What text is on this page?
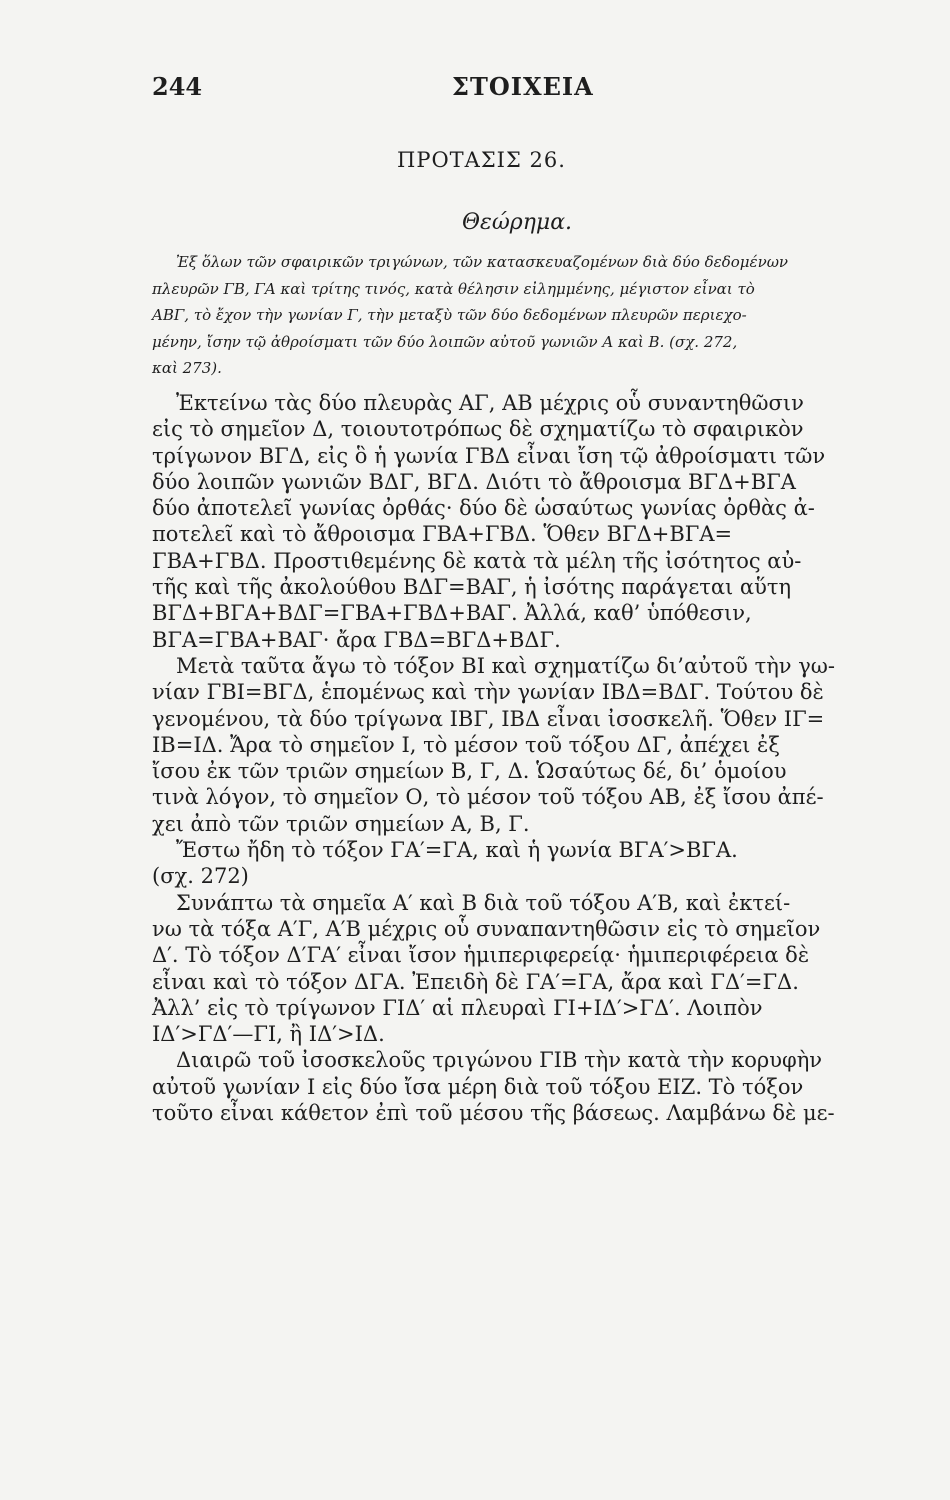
244	ΣΤΟΙΧΕΙΑ
ΠΡΟΤΑΣΙΣ 26.
Θεώρημα.
Ἐξ ὅλων τῶν σφαιρικῶν τριγώνων, τῶν κατασκευαζομένων διὰ δύο δεδομένων
πλευρῶν ΓΒ, ΓΑ καὶ τρίτης τινός, κατὰ θέλησιν εἰλημμένης, μέγιστον εἶναι τὸ
ΑΒΓ, τὸ ἔχον τὴν γωνίαν Γ, τὴν μεταξὺ τῶν δύο δεδομένων πλευρῶν περιεχο-
μένην, ἴσην τῷ ἀθροίσματι τῶν δύο λοιπῶν αὐτοῦ γωνιῶν Α καὶ Β. (σχ. 272,
καὶ 273).
Ἐκτείνω τὰς δύο πλευρὰς ΑΓ, ΑΒ μέχρις οὗ συναντηθῶσιν
εἰς τὸ σημεῖον Δ, τοιουτοτρόπως δὲ σχηματίζω τὸ σφαιρικὸν
τρίγωνον ΒΓΔ, εἰς ὃ ἡ γωνία ΓΒΔ εἶναι ἴση τῷ ἀθροίσματι τῶν
δύο λοιπῶν γωνιῶν ΒΔΓ, ΒΓΔ. Διότι τὸ ἄθροισμα ΒΓΔ+ΒΓΑ
δύο ἀποτελεῖ γωνίας ὀρθάς· δύο δὲ ὡσαύτως γωνίας ὀρθὰς ἀ-
ποτελεῖ καὶ τὸ ἄθροισμα ΓΒΑ+ΓΒΔ. Ὅθεν ΒΓΔ+ΒΓΑ=
ΓΒΑ+ΓΒΔ. Προστιθεμένης δὲ κατὰ τὰ μέλη τῆς ἰσότητος αὐ-
τῆς καὶ τῆς ἀκολούθου ΒΔΓ=ΒΑΓ, ἡ ἰσότης παράγεται αὕτη
ΒΓΔ+ΒΓΑ+ΒΔΓ=ΓΒΑ+ΓΒΔ+ΒΑΓ. Ἀλλά, καθ’ ὑπόθεσιν,
ΒΓΑ=ΓΒΑ+ΒΑΓ· ἄρα ΓΒΔ=ΒΓΔ+ΒΔΓ.
Μετὰ ταῦτα ἄγω τὸ τόξον ΒΙ καὶ σχηματίζω δι’αὐτοῦ τὴν γω-
νίαν ΓΒΙ=ΒΓΔ, ἑπομένως καὶ τὴν γωνίαν ΙΒΔ=ΒΔΓ. Τούτου δὲ
γενομένου, τὰ δύο τρίγωνα ΙΒΓ, ΙΒΔ εἶναι ἰσοσκελῆ. Ὅθεν ΙΓ=
ΙΒ=ΙΔ. Ἄρα τὸ σημεῖον Ι, τὸ μέσον τοῦ τόξου ΔΓ, ἀπέχει ἐξ
ἴσου ἐκ τῶν τριῶν σημείων Β, Γ, Δ. Ὡσαύτως δέ, δι’ ὁμοίου
τινὰ λόγον, τὸ σημεῖον Ο, τὸ μέσον τοῦ τόξου ΑΒ, ἐξ ἴσου ἀπέ-
χει ἀπὸ τῶν τριῶν σημείων Α, Β, Γ.
Ἔστω ἤδη τὸ τόξον ΓΑ′=ΓΑ, καὶ ἡ γωνία ΒΓΑ′>ΒΓΑ.
(σχ. 272)
Συνάπτω τὰ σημεῖα Α′ καὶ Β διὰ τοῦ τόξου Α′Β, καὶ ἐκτεί-
νω τὰ τόξα Α′Γ, Α′Β μέχρις οὗ συναπαντηθῶσιν εἰς τὸ σημεῖον
Δ′. Τὸ τόξον Δ′ΓΑ′ εἶναι ἴσον ἡμιπεριφερείᾳ· ἡμιπεριφέρεια δὲ
εἶναι καὶ τὸ τόξον ΔΓΑ. Ἐπειδὴ δὲ ΓΑ′=ΓΑ, ἄρα καὶ ΓΔ′=ΓΔ.
Ἀλλ’ εἰς τὸ τρίγωνον ΓΙΔ′ αἱ πλευραὶ ΓΙ+ΙΔ′>ΓΔ′. Λοιπὸν
ΙΔ′>ΓΔ′—ΓΙ, ἢ ΙΔ′>ΙΔ.
Διαιρῶ τοῦ ἰσοσκελοῦς τριγώνου ΓΙΒ τὴν κατὰ τὴν κορυφὴν
αὐτοῦ γωνίαν Ι εἰς δύο ἴσα μέρη διὰ τοῦ τόξου ΕΙΖ. Τὸ τόξον
τοῦτο εἶναι κάθετον ἐπὶ τοῦ μέσου τῆς βάσεως. Λαμβάνω δὲ με-
